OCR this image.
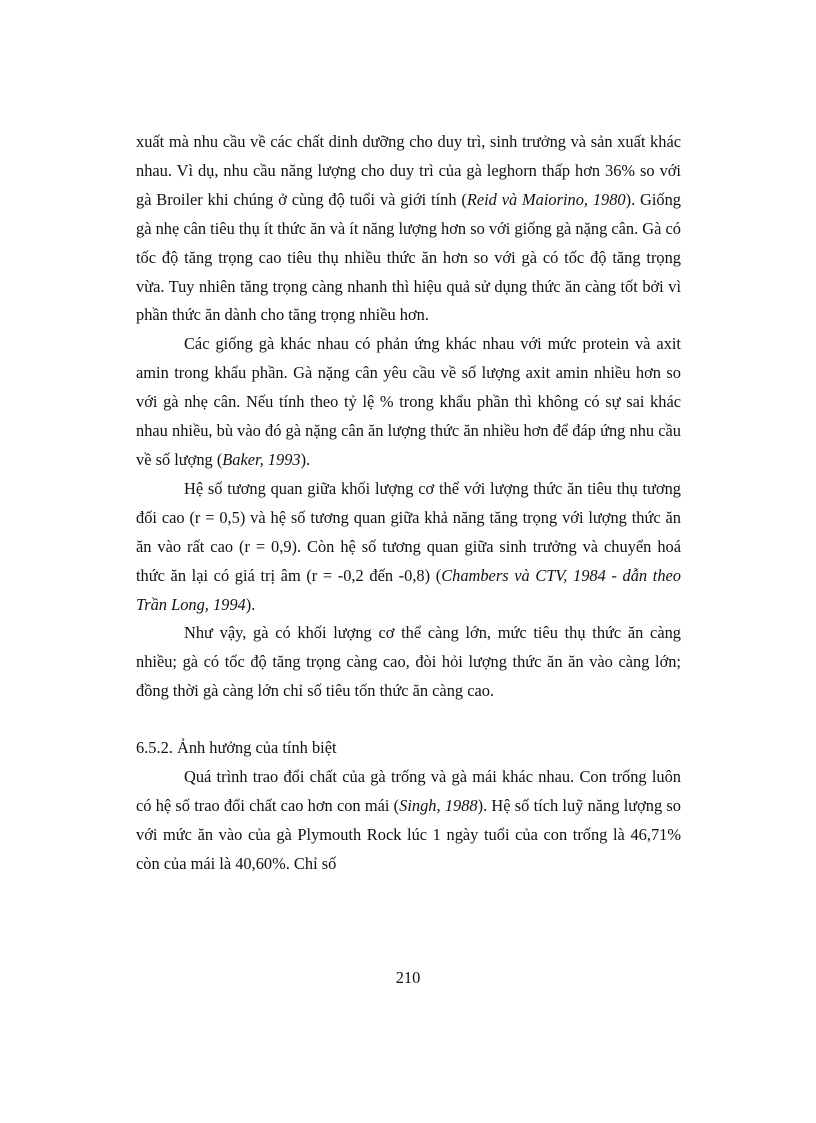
xuất mà nhu cầu về các chất dinh dưỡng cho duy trì, sinh trưởng và sản xuất khác nhau. Vì dụ, nhu cầu năng lượng cho duy trì của gà leghorn thấp hơn 36% so với gà Broiler khi chúng ở cùng độ tuổi và giới tính (Reid và Maiorino, 1980). Giống gà nhẹ cân tiêu thụ ít thức ăn và ít năng lượng hơn so với giống gà nặng cân. Gà có tốc độ tăng trọng cao tiêu thụ nhiều thức ăn hơn so với gà có tốc độ tăng trọng vừa. Tuy nhiên tăng trọng càng nhanh thì hiệu quả sử dụng thức ăn càng tốt bởi vì phần thức ăn dành cho tăng trọng nhiều hơn.

Các giống gà khác nhau có phản ứng khác nhau với mức protein và axit amin trong khẩu phần. Gà nặng cân yêu cầu về số lượng axit amin nhiều hơn so với gà nhẹ cân. Nếu tính theo tỷ lệ % trong khẩu phần thì không có sự sai khác nhau nhiều, bù vào đó gà nặng cân ăn lượng thức ăn nhiều hơn để đáp ứng nhu cầu về số lượng (Baker, 1993).

Hệ số tương quan giữa khối lượng cơ thể với lượng thức ăn tiêu thụ tương đối cao (r = 0,5) và hệ số tương quan giữa khả năng tăng trọng với lượng thức ăn ăn vào rất cao (r = 0,9). Còn hệ số tương quan giữa sinh trưởng và chuyển hoá thức ăn lại có giá trị âm (r = -0,2 đến -0,8) (Chambers và CTV, 1984 - dẫn theo Trần Long, 1994).

Như vậy, gà có khối lượng cơ thể càng lớn, mức tiêu thụ thức ăn càng nhiều; gà có tốc độ tăng trọng càng cao, đòi hỏi lượng thức ăn ăn vào càng lớn; đồng thời gà càng lớn chỉ số tiêu tốn thức ăn càng cao.

6.5.2. Ảnh hưởng của tính biệt

Quá trình trao đổi chất của gà trống và gà mái khác nhau. Con trống luôn có hệ số trao đổi chất cao hơn con mái (Singh, 1988). Hệ số tích luỹ năng lượng so với mức ăn vào của gà Plymouth Rock lúc 1 ngày tuổi của con trống là 46,71% còn của mái là 40,60%. Chỉ số

210
